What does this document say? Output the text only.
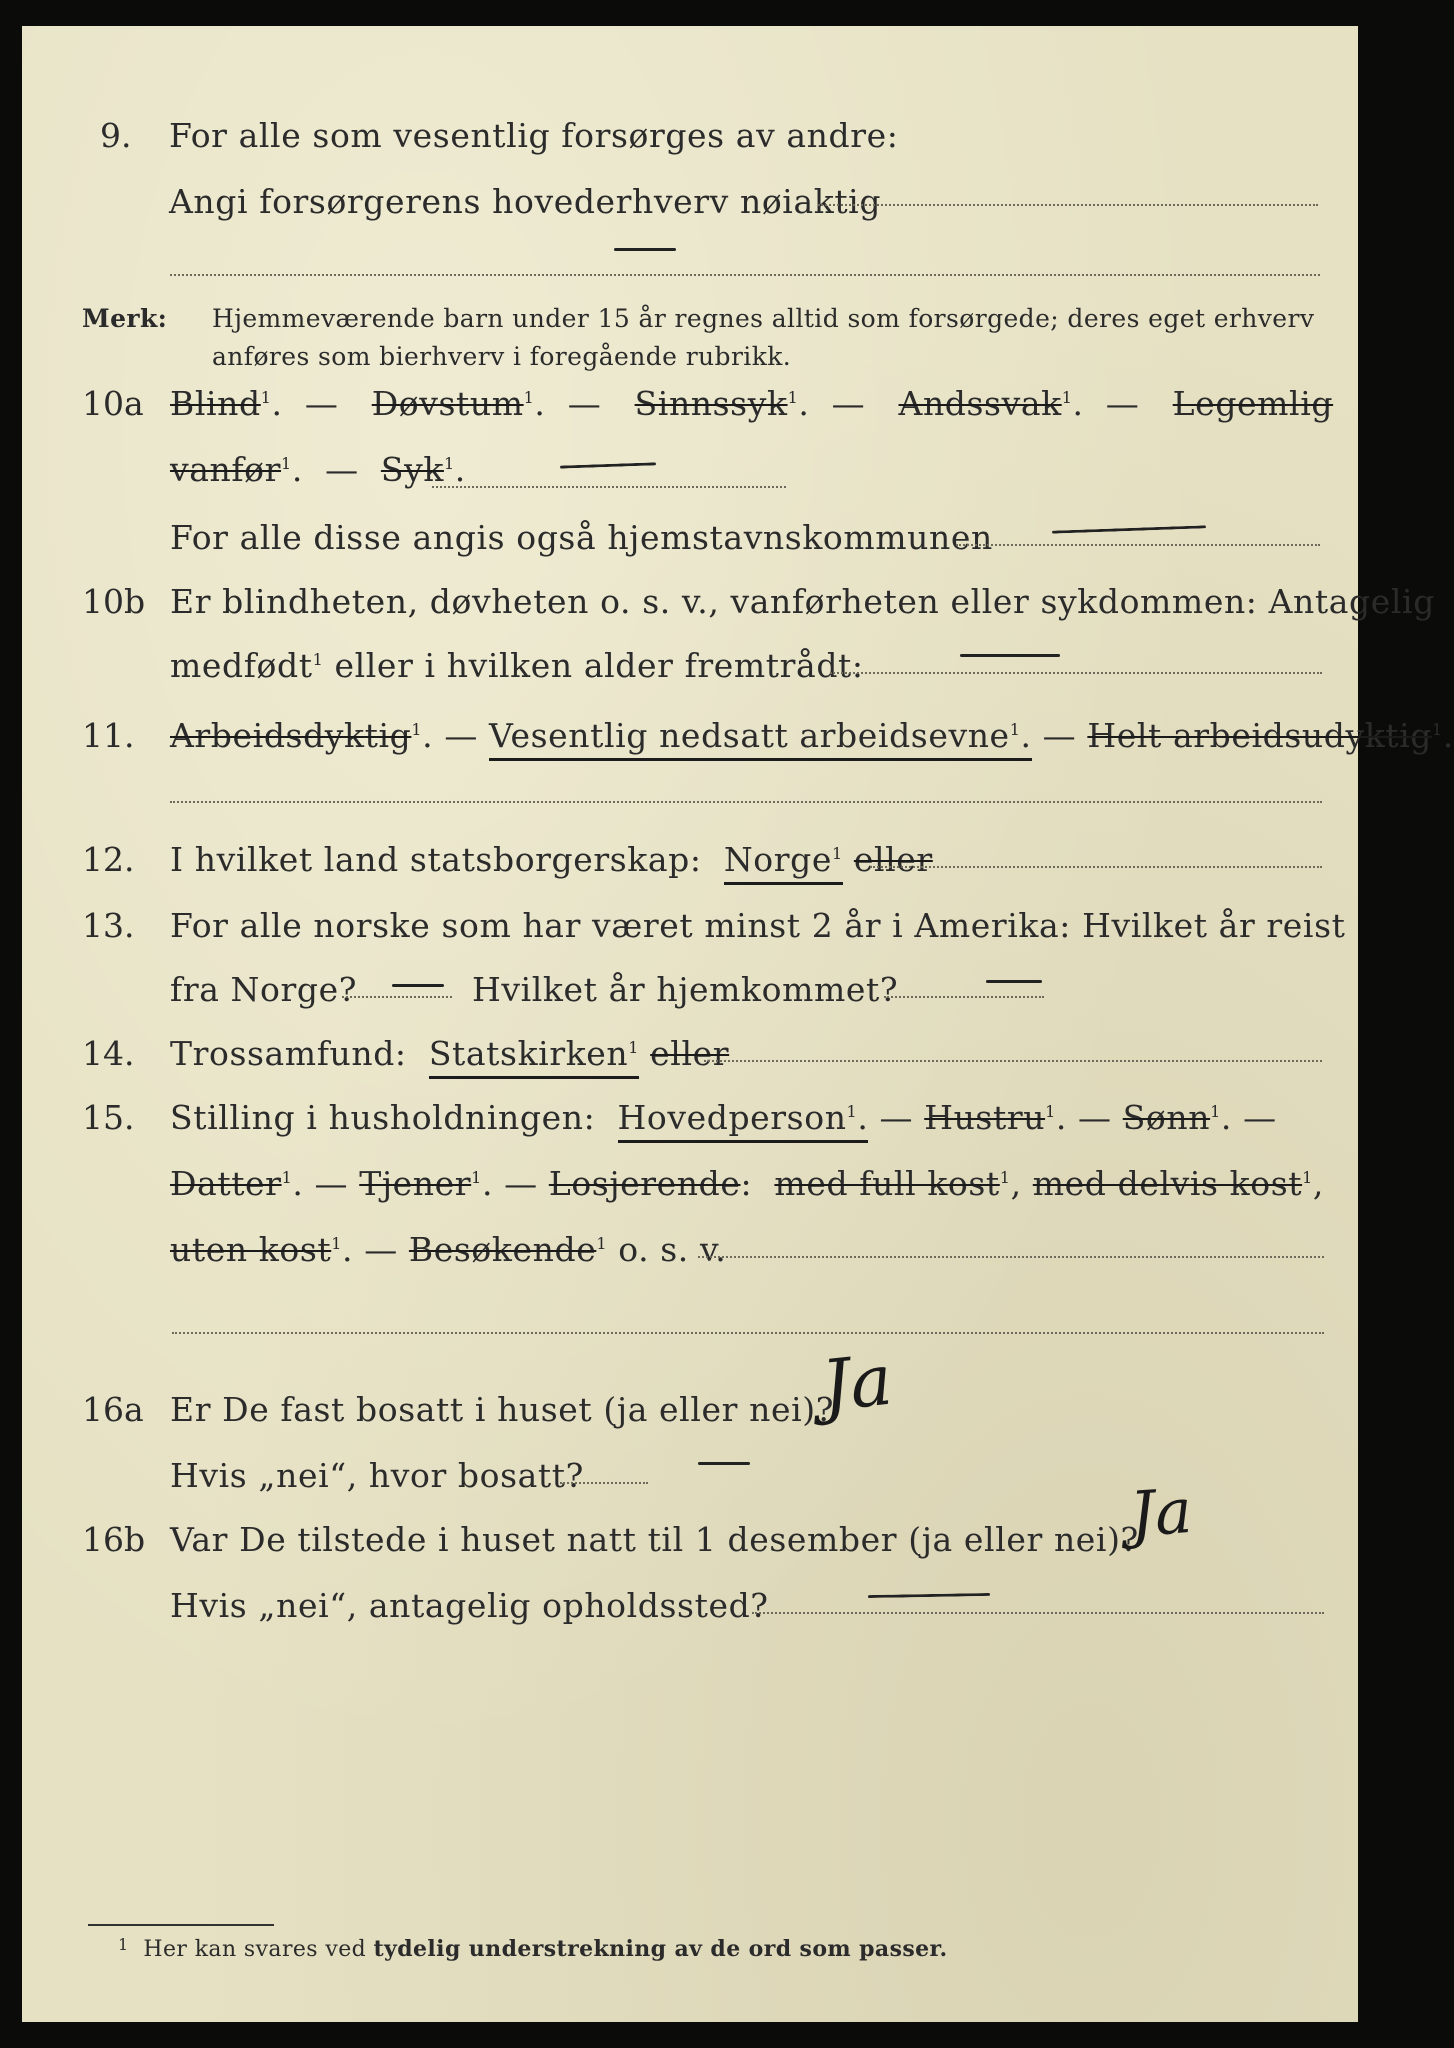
9. For alle som vesentlig forsørges av andre:
Angi forsørgerens hovederhverv nøiaktig
Merk: Hjemmeværende barn under 15 år regnes alltid som forsørgede; deres eget erhverv
anføres som bierhverv i foregående rubrikk.
10a Blind$^1$.  — Døvstum$^1$.  — Sinnssyk$^1$.  — Andssvak$^1$.  — Legemlig
vanfør$^1$.  — Syk$^1$.
For alle disse angis også hjemstavnskommunen
10b Er blindheten, døvheten o. s. v., vanførheten eller sykdommen: Antagelig
medfødt$^1$ eller i hvilken alder fremtrådt:
11. Arbeidsdyktig$^1$. — Vesentlig nedsatt arbeidsevne$^1$. — Helt arbeidsudyktig$^1$.
12. I hvilket land statsborgerskap: Norge$^1$ eller
13. For alle norske som har været minst 2 år i Amerika: Hvilket år reist
fra Norge?	Hvilket år hjemkommet?
14. Trossamfund: Statskirken$^1$ eller
15. Stilling i husholdningen: Hovedperson$^1$. — Hustru$^1$. — Sønn$^1$. —
Datter$^1$. — Tjener$^1$. — Losjerende: med full kost$^1$, med delvis kost$^1$,
uten kost$^1$. — Besøkende$^1$ o. s. v.
16a Er De fast bosatt i huset (ja eller nei)?
Ja
Hvis „nei“, hvor bosatt?
16b Var De tilstede i huset natt til 1 desember (ja eller nei)?
Ja
Hvis „nei“, antagelig opholdssted?
$^1$ Her kan svares ved tydelig understrekning av de ord som passer.
